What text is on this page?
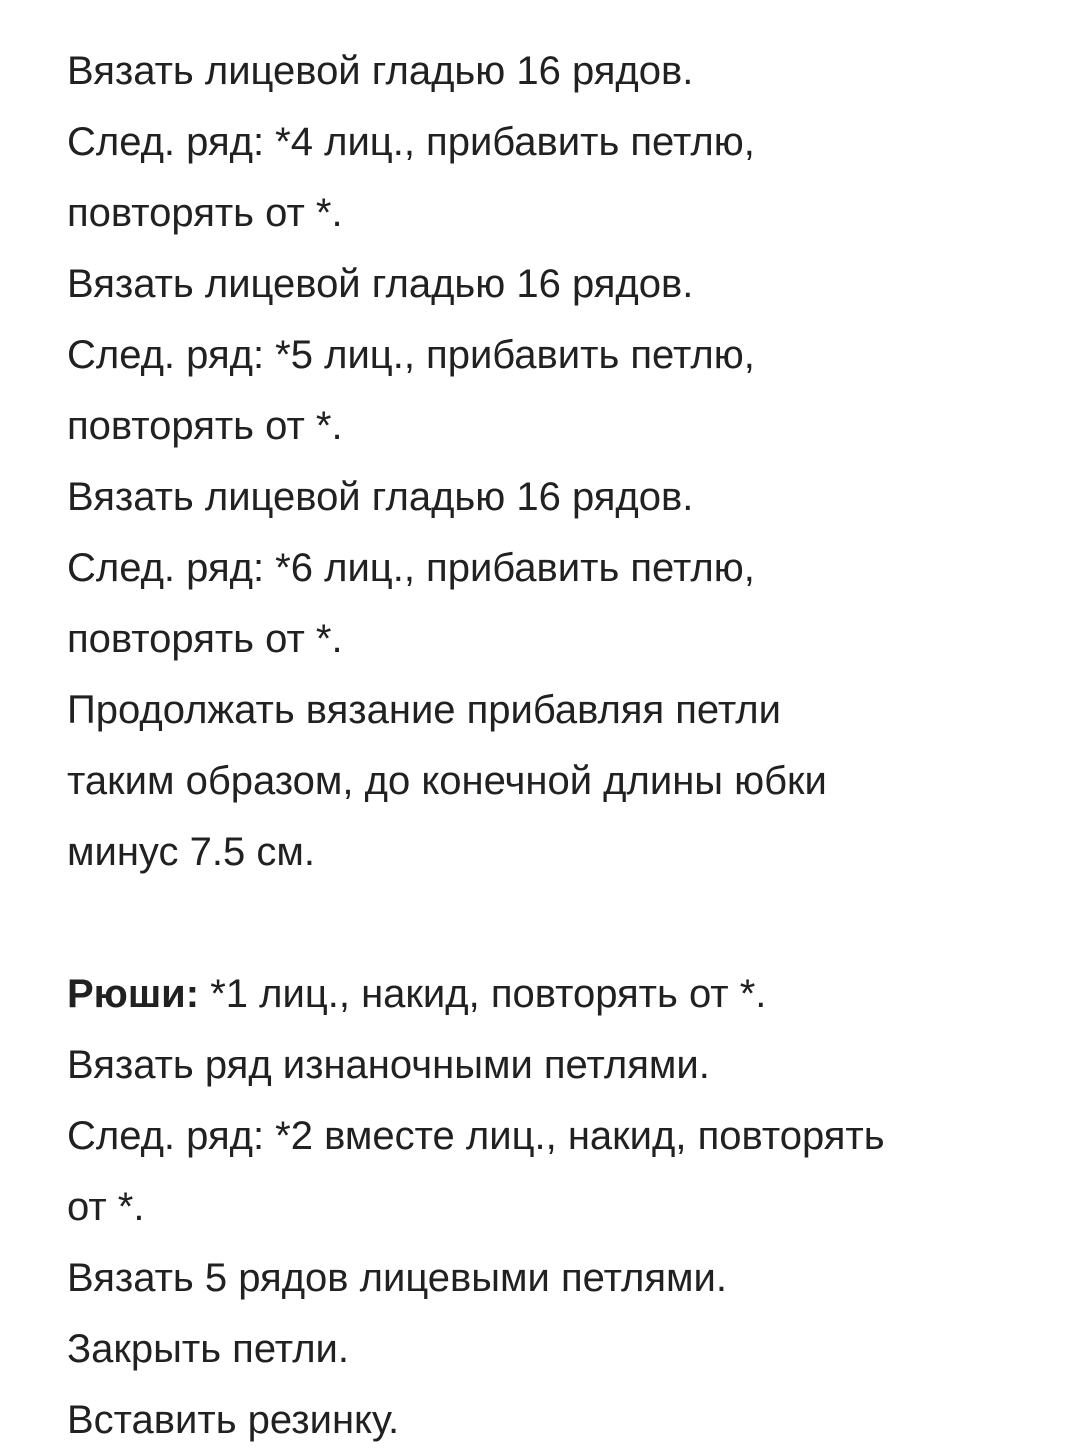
Вязать лицевой гладью 16 рядов.
След. ряд: *4 лиц., прибавить петлю,
повторять от *.
Вязать лицевой гладью 16 рядов.
След. ряд: *5 лиц., прибавить петлю,
повторять от *.
Вязать лицевой гладью 16 рядов.
След. ряд: *6 лиц., прибавить петлю,
повторять от *.
Продолжать вязание прибавляя петли
таким образом, до конечной длины юбки
минус 7.5 см.
Рюши: *1 лиц., накид, повторять от *.
Вязать ряд изнаночными петлями.
След. ряд: *2 вместе лиц., накид, повторять
от *.
Вязать 5 рядов лицевыми петлями.
Закрыть петли.
Вставить резинку.
